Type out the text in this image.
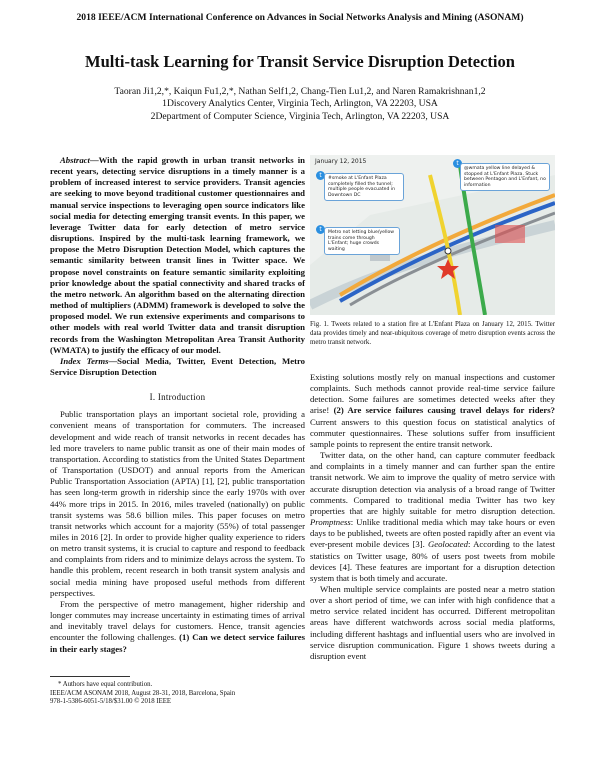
2018 IEEE/ACM International Conference on Advances in Social Networks Analysis and Mining (ASONAM)
Multi-task Learning for Transit Service Disruption Detection
Taoran Ji1,2,*, Kaiqun Fu1,2,*, Nathan Self1,2, Chang-Tien Lu1,2, and Naren Ramakrishnan1,2
1Discovery Analytics Center, Virginia Tech, Arlington, VA 22203, USA
2Department of Computer Science, Virginia Tech, Arlington, VA 22203, USA

Abstract—With the rapid growth in urban transit networks in recent years, detecting service disruptions in a timely manner is a problem of increased interest to service providers. Transit agencies are seeking to move beyond traditional customer questionnaires and manual service inspections to leveraging open source indicators like social media for detecting emerging transit events. In this paper, we leverage Twitter data for early detection of metro service disruptions. Inspired by the multi-task learning framework, we propose the Metro Disruption Detection Model, which captures the semantic similarity between transit lines in Twitter space. We propose novel constraints on feature semantic similarity exploiting prior knowledge about the spatial connectivity and shared tracks of the metro network. An algorithm based on the alternating direction method of multipliers (ADMM) framework is developed to solve the proposed model. We run extensive experiments and comparisons to other models with real world Twitter data and transit disruption records from the Washington Metropolitan Area Transit Authority (WMATA) to justify the efficacy of our model.

Index Terms—Social Media, Twitter, Event Detection, Metro Service Disruption Detection

I. Introduction

Public transportation plays an important societal role, providing a convenient means of transportation for commuters. The increased development and wide reach of transit networks in recent decades has led more travelers to name public transit as one of their main modes of transportation. According to statistics from the United States Department of Transportation (USDOT) and annual reports from the American Public Transportation Association (APTA) [1], [2], public transportation has seen long-term growth in ridership since the early 1970s with over 44% more trips in 2015. In 2016, miles traveled (nationally) on public transit systems was 58.6 billion miles. This paper focuses on metro transit networks which account for a majority (55%) of total passenger miles in 2016 [2]. In order to provide higher quality experience to riders on metro transit systems, it is crucial to capture and respond to feedback and complaints from riders and to minimize delays across the system. To handle this problem, recent research in both transit system analysis and social media mining have proposed useful methods from different perspectives.

From the perspective of metro management, higher ridership and longer commutes may increase uncertainty in estimating times of arrival and inevitably travel delays for customers. Hence, transit agencies encounter the following challenges. (1) Can we detect service failures in their early stages?

* Authors have equal contribution.
IEEE/ACM ASONAM 2018, August 28-31, 2018, Barcelona, Spain
978-1-5386-6051-5/18/$31.00 © 2018 IEEE
January 12, 2015
t	#smoke at L'Enfant Plaza completely filled the tunnel; multiple people evacuated in Downtown DC
t
@wmata yellow line delayed & stopped at L'Enfant Plaza. Stuck between Pentagon and L'Enfant, no information
t	Metro not letting blue/yellow trains come through L'Enfant; huge crowds waiting
Fig. 1. Tweets related to a station fire at L'Enfant Plaza on January 12, 2015. Twitter data provides timely and near-ubiquitous coverage of metro disruption events across the metro transit network.

Existing solutions mostly rely on manual inspections and customer complaints. Such methods cannot provide real-time service failure detection. Some failures are sometimes detected weeks after they arise! (2) Are service failures causing travel delays for riders? Current answers to this question focus on statistical analytics of commuter questionnaires. These solutions suffer from insufficient sample points to represent the entire transit network.

Twitter data, on the other hand, can capture commuter feedback and complaints in a timely manner and can further span the entire transit network. We aim to improve the quality of metro service with accurate disruption detection via analysis of a broad range of Twitter comments. Compared to traditional media Twitter has two key properties that are highly suitable for metro disruption detection. Promptness: Unlike traditional media which may take hours or even days to be published, tweets are often posted rapidly after an event via ever-present mobile devices [3]. Geolocated: According to the latest statistics on Twitter usage, 80% of users post tweets from mobile devices [4]. These features are important for a disruption detection system that is both timely and accurate.

When multiple service complaints are posted near a metro station over a short period of time, we can infer with high confidence that a metro service related incident has occurred. Different metropolitan areas have different watchwords across social media platforms, including different hashtags and influential users who are involved in service disruption communication. Figure 1 shows tweets during a disruption event
